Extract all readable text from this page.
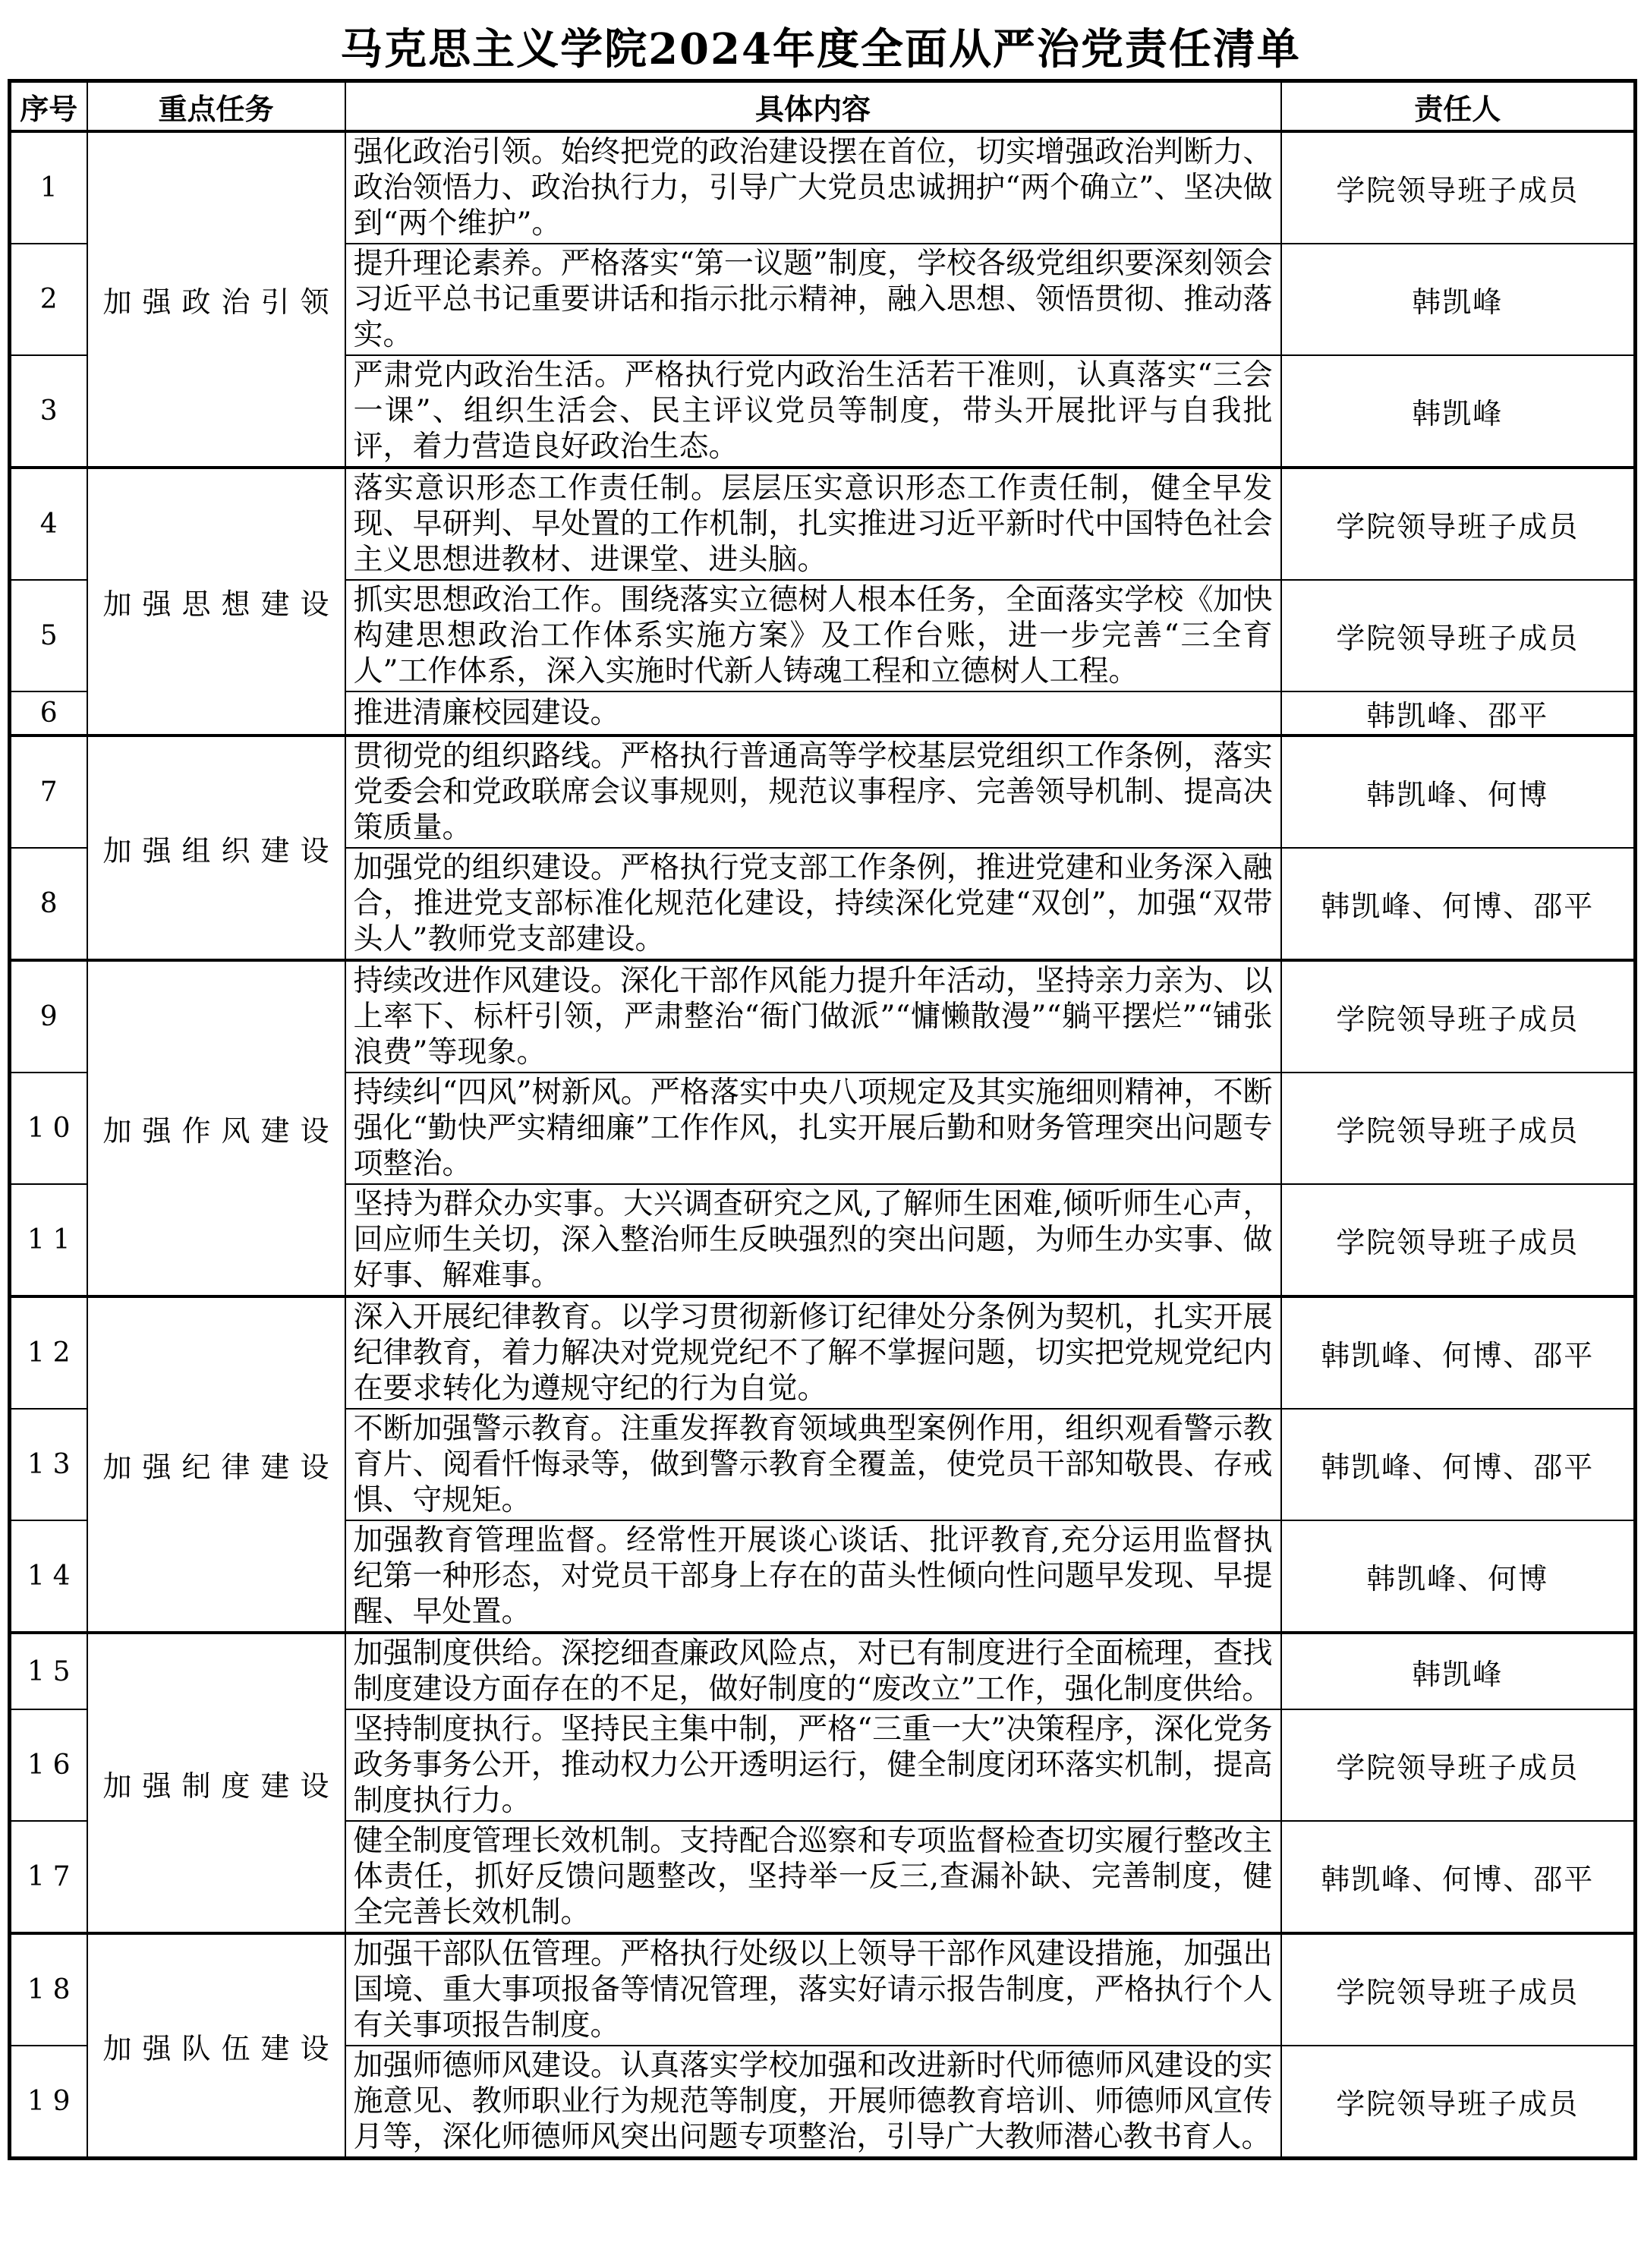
马克思主义学院2024年度全面从严治党责任清单
序号	重点任务	具体内容	责任人
1	加强政治引领	强化政治引领。始终把党的政治建设摆在首位，切实增强政治判断力、政治领悟力、政治执行力，引导广大党员忠诚拥护“两个确立”、坚决做到“两个维护”。	学院领导班子成员
2		提升理论素养。严格落实“第一议题”制度，学校各级党组织要深刻领会习近平总书记重要讲话和指示批示精神，融入思想、领悟贯彻、推动落实。	韩凯峰
3		严肃党内政治生活。严格执行党内政治生活若干准则，认真落实“三会一课”、组织生活会、民主评议党员等制度，带头开展批评与自我批评，着力营造良好政治生态。	韩凯峰
4	加强思想建设	落实意识形态工作责任制。层层压实意识形态工作责任制，健全早发现、早研判、早处置的工作机制，扎实推进习近平新时代中国特色社会主义思想进教材、进课堂、进头脑。	学院领导班子成员
5		抓实思想政治工作。围绕落实立德树人根本任务，全面落实学校《加快构建思想政治工作体系实施方案》及工作台账，进一步完善“三全育人”工作体系，深入实施时代新人铸魂工程和立德树人工程。	学院领导班子成员
6		推进清廉校园建设。	韩凯峰、邵平
7	加强组织建设	贯彻党的组织路线。严格执行普通高等学校基层党组织工作条例，落实党委会和党政联席会议事规则，规范议事程序、完善领导机制、提高决策质量。	韩凯峰、何博
8		加强党的组织建设。严格执行党支部工作条例，推进党建和业务深入融合，推进党支部标准化规范化建设，持续深化党建“双创”，加强“双带头人”教师党支部建设。	韩凯峰、何博、邵平
9	加强作风建设	持续改进作风建设。深化干部作风能力提升年活动，坚持亲力亲为、以上率下、标杆引领，严肃整治“衙门做派”“慵懒散漫”“躺平摆烂”“铺张浪费”等现象。	学院领导班子成员
10		持续纠“四风”树新风。严格落实中央八项规定及其实施细则精神，不断强化“勤快严实精细廉”工作作风，扎实开展后勤和财务管理突出问题专项整治。	学院领导班子成员
11		坚持为群众办实事。大兴调查研究之风,了解师生困难,倾听师生心声，回应师生关切，深入整治师生反映强烈的突出问题，为师生办实事、做好事、解难事。	学院领导班子成员
12	加强纪律建设	深入开展纪律教育。以学习贯彻新修订纪律处分条例为契机，扎实开展纪律教育，着力解决对党规党纪不了解不掌握问题，切实把党规党纪内在要求转化为遵规守纪的行为自觉。	韩凯峰、何博、邵平
13		不断加强警示教育。注重发挥教育领域典型案例作用，组织观看警示教育片、阅看忏悔录等，做到警示教育全覆盖，使党员干部知敬畏、存戒惧、守规矩。	韩凯峰、何博、邵平
14		加强教育管理监督。经常性开展谈心谈话、批评教育,充分运用监督执纪第一种形态，对党员干部身上存在的苗头性倾向性问题早发现、早提醒、早处置。	韩凯峰、何博
15	加强制度建设	加强制度供给。深挖细查廉政风险点，对已有制度进行全面梳理，查找制度建设方面存在的不足，做好制度的“废改立”工作，强化制度供给。	韩凯峰
16		坚持制度执行。坚持民主集中制，严格“三重一大”决策程序，深化党务政务事务公开，推动权力公开透明运行，健全制度闭环落实机制，提高制度执行力。	学院领导班子成员
17		健全制度管理长效机制。支持配合巡察和专项监督检查切实履行整改主体责任，抓好反馈问题整改，坚持举一反三,查漏补缺、完善制度，健全完善长效机制。	韩凯峰、何博、邵平
18	加强队伍建设	加强干部队伍管理。严格执行处级以上领导干部作风建设措施，加强出国境、重大事项报备等情况管理，落实好请示报告制度，严格执行个人有关事项报告制度。	学院领导班子成员
19		加强师德师风建设。认真落实学校加强和改进新时代师德师风建设的实施意见、教师职业行为规范等制度，开展师德教育培训、师德师风宣传月等，深化师德师风突出问题专项整治，引导广大教师潜心教书育人。	学院领导班子成员
